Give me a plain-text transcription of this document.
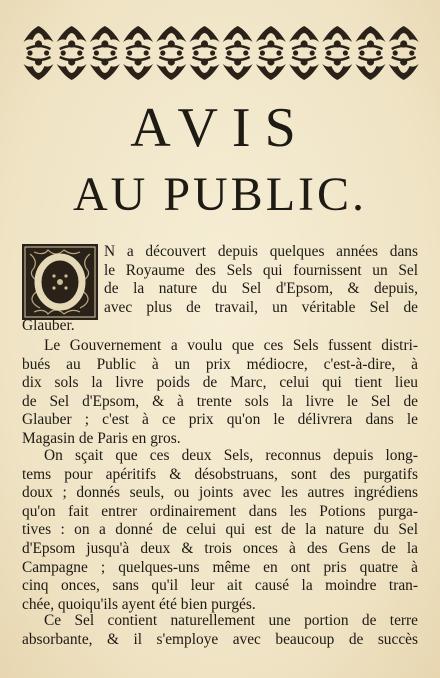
AVIS
AU PUBLIC.
N a découvert depuis quelques années dans
le Royaume des Sels qui fournissent un Sel
de la nature du Sel d'Epsom, & depuis,
avec plus de travail, un véritable Sel de
Glauber.
Le Gouvernement a voulu que ces Sels fussent distri-
bués au Public à un prix médiocre, c'est-à-dire, à
dix sols la livre poids de Marc, celui qui tient lieu
de Sel d'Epsom, & à trente sols la livre le Sel de
Glauber ; c'est à ce prix qu'on le délivrera dans le
Magasin de Paris en gros.
On sçait que ces deux Sels, reconnus depuis long-
tems pour apéritifs & désobstruans, sont des purgatifs
doux ; donnés seuls, ou joints avec les autres ingrédiens
qu'on fait entrer ordinairement dans les Potions purga-
tives : on a donné de celui qui est de la nature du Sel
d'Epsom jusqu'à deux & trois onces à des Gens de la
Campagne ; quelques-uns même en ont pris quatre à
cinq onces, sans qu'il leur ait causé la moindre tran-
chée, quoiqu'ils ayent été bien purgés.
Ce Sel contient naturellement une portion de terre
absorbante, & il s'employe avec beaucoup de succès
